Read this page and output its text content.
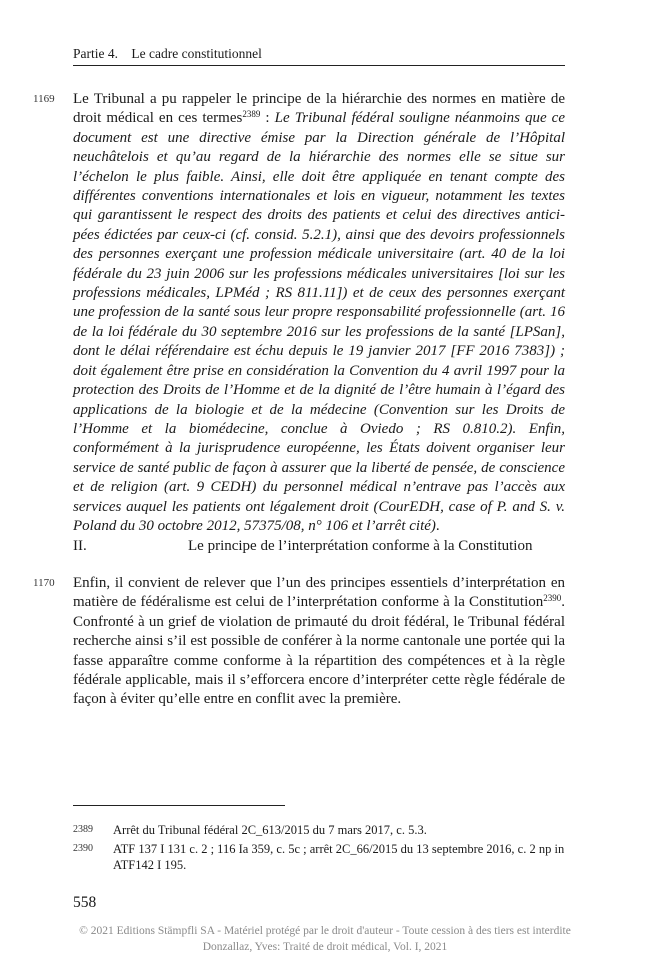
Partie 4. Le cadre constitutionnel
1169 Le Tribunal a pu rappeler le principe de la hiérarchie des normes en matière de droit médical en ces termes$^{2389}$ : Le Tribunal fédéral souligne néanmoins que ce document est une directive émise par la Direction générale de l’Hôpital neuchâtelois et qu’au regard de la hiérarchie des normes elle se situe sur l’échelon le plus faible. Ainsi, elle doit être appliquée en tenant compte des différentes conventions internationales et lois en vigueur, notamment les textes qui garantissent le respect des droits des patients et celui des directives anticipées édictées par ceux-ci (cf. consid. 5.2.1), ainsi que des devoirs professionnels des personnes exerçant une profession médicale universitaire (art. 40 de la loi fédérale du 23 juin 2006 sur les professions médicales universitaires [loi sur les professions médicales, LPMéd ; RS 811.11]) et de ceux des personnes exerçant une profession de la santé sous leur propre responsabilité professionnelle (art. 16 de la loi fédérale du 30 septembre 2016 sur les professions de la santé [LPSan], dont le délai référendaire est échu depuis le 19 janvier 2017 [FF 2016 7383]) ; doit également être prise en considération la Convention du 4 avril 1997 pour la protection des Droits de l’Homme et de la dignité de l’être humain à l’égard des applications de la biologie et de la médecine (Convention sur les Droits de l’Homme et la biomédecine, conclue à Oviedo ; RS 0.810.2). Enfin, conformément à la jurisprudence européenne, les États doivent organiser leur service de santé public de façon à assurer que la liberté de pensée, de conscience et de religion (art. 9 CEDH) du personnel médical n’entrave pas l’accès aux services auquel les patients ont légalement droit (CourEDH, case of P. and S. v. Poland du 30 octobre 2012, 57375/08, n° 106 et l’arrêt cité).
II.	Le principe de l’interprétation conforme à la Constitution
1170 Enfin, il convient de relever que l’un des principes essentiels d’interprétation en matière de fédéralisme est celui de l’interprétation conforme à la Constitution$^{2390}$. Confronté à un grief de violation de primauté du droit fédéral, le Tribunal fédéral recherche ainsi s’il est possible de conférer à la norme cantonale une portée qui la fasse apparaître comme conforme à la répartition des compétences et à la règle fédérale applicable, mais il s’efforcera encore d’interpréter cette règle fédérale de façon à éviter qu’elle entre en conflit avec la première.
2389	Arrêt du Tribunal fédéral 2C_613/2015 du 7 mars 2017, c. 5.3.
2390	ATF 137 I 131 c. 2 ; 116 Ia 359, c. 5c ; arrêt 2C_66/2015 du 13 septembre 2016, c. 2 np in ATF142 I 195.
558
© 2021 Editions Stämpfli SA - Matériel protégé par le droit d'auteur - Toute cession à des tiers est interdite
Donzallaz, Yves: Traité de droit médical, Vol. I, 2021
